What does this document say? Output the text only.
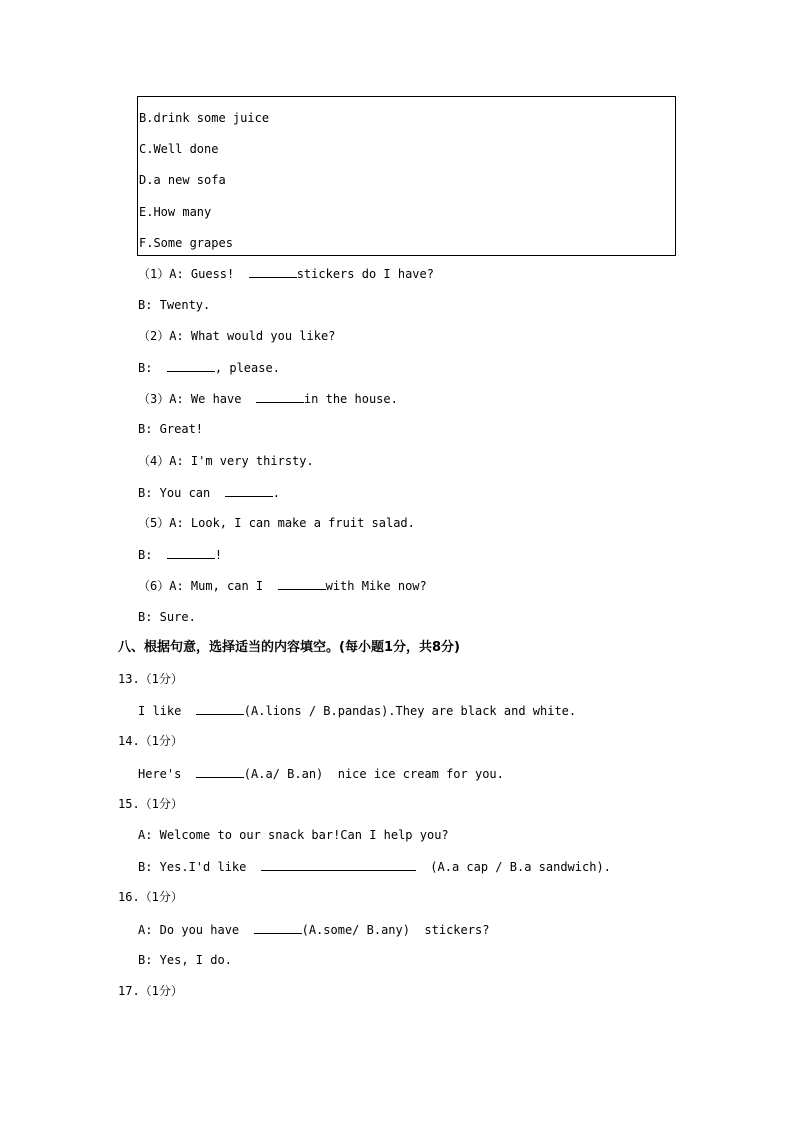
B.drink some juice
C.Well done
D.a new sofa
E.How many
F.Some grapes
（1）A: Guess!	stickers do I have?
B: Twenty.
（2）A: What would you like?
B:	, please.
（3）A: We have	in the house.
B: Great!
（4）A: I'm very thirsty.
B: You can	.
（5）A: Look, I can make a fruit salad.
B:	!
（6）A: Mum, can I	with Mike now?
B: Sure.
八、根据句意，选择适当的内容填空。(每小题1分，共8分)
13.（1分）
I like	(A.lions / B.pandas).They are black and white.
14.（1分）
Here's	(A.a/ B.an)  nice ice cream for you.
15.（1分）
A: Welcome to our snack bar!Can I help you?
B: Yes.I'd like	(A.a cap / B.a sandwich).
16.（1分）
A: Do you have	(A.some/ B.any)  stickers?
B: Yes, I do.
17.（1分）
